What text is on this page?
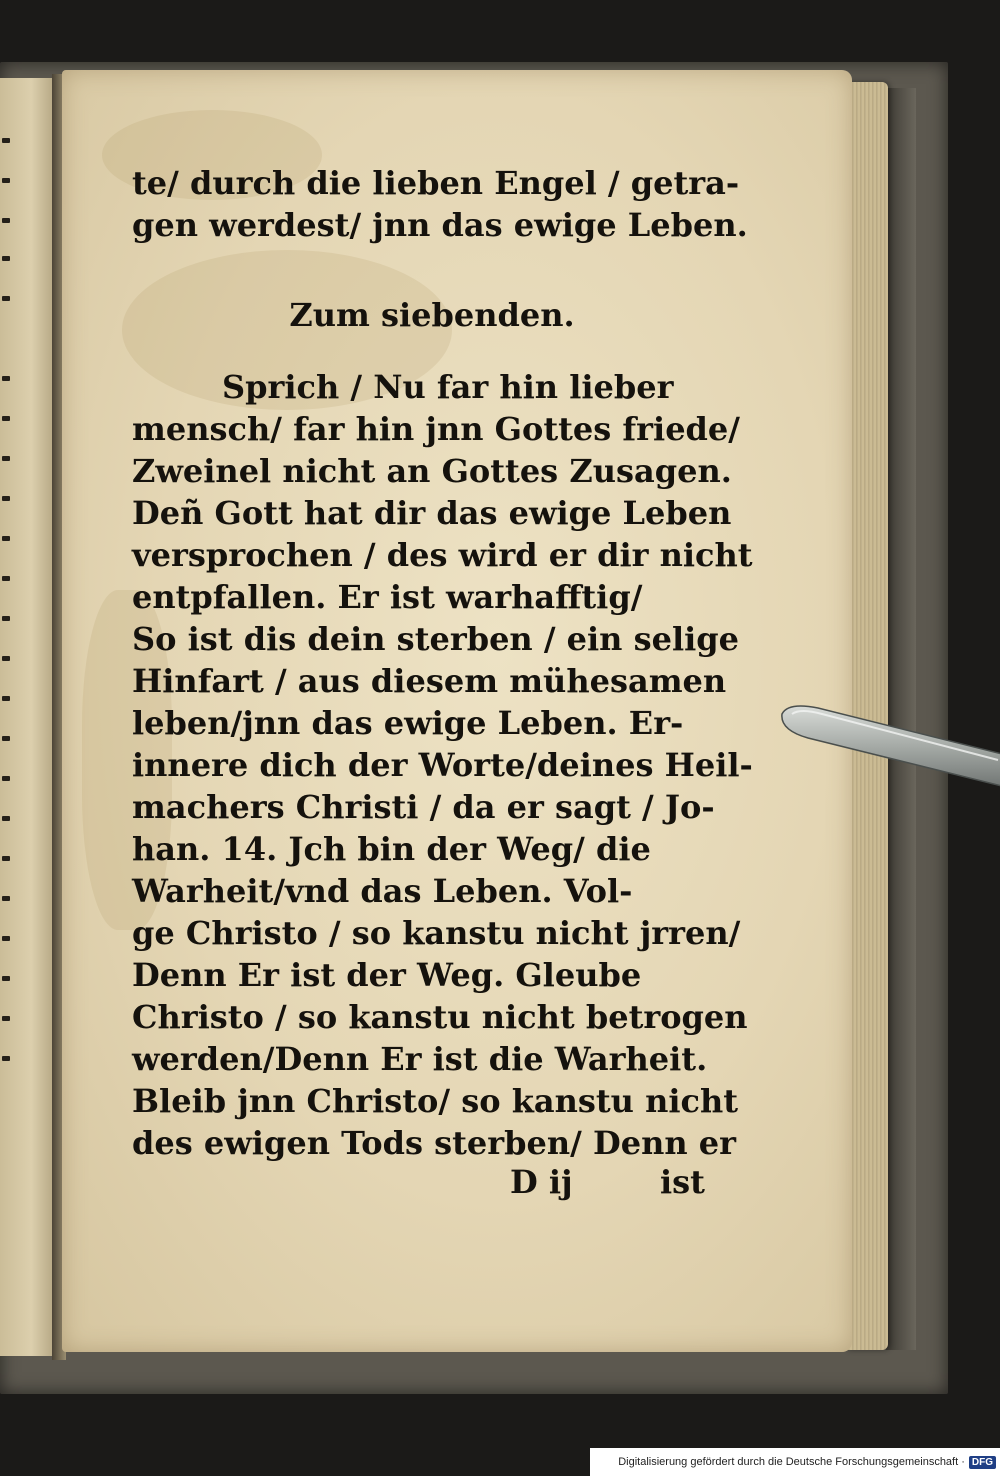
te/ durch die lieben Engel / getra-
gen werdest/ jnn das ewige Leben.
Zum siebenden.
Sprich / Nu far hin lieber
mensch/ far hin jnn Gottes friede/
Zweinel nicht an Gottes Zusagen.
Deñ Gott hat dir das ewige Leben
versprochen / des wird er dir nicht
entpfallen. Er ist warhafftig/
So ist dis dein sterben / ein selige
Hinfart / aus diesem mühesamen
leben/jnn das ewige Leben. Er-
innere dich der Worte/deines Heil-
machers Christi / da er sagt / Jo-
han. 14. Jch bin der Weg/ die
Warheit/vnd das Leben. Vol-
ge Christo / so kanstu nicht jrren/
Denn Er ist der Weg. Gleube
Christo / so kanstu nicht betrogen
werden/Denn Er ist die Warheit.
Bleib jnn Christo/ so kanstu nicht
des ewigen Tods sterben/ Denn er
D ij	ist
Digitalisierung gefördert durch die Deutsche Forschungsgemeinschaft · DFG
